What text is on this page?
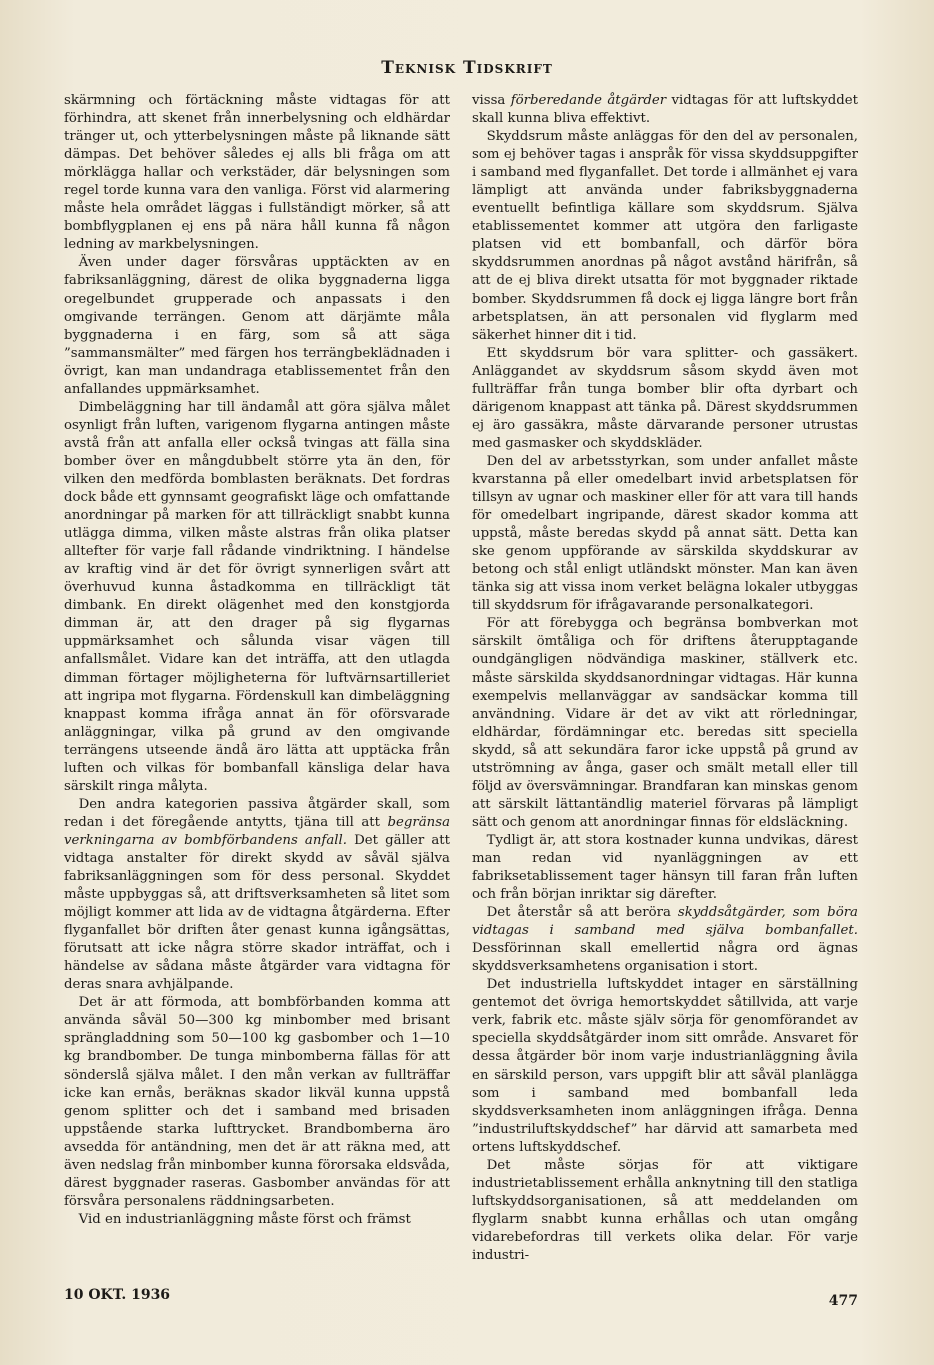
Teknisk Tidskrift

skärmning och förtäckning måste vidtagas för att förhindra, att skenet från innerbelysning och eldhärdar tränger ut, och ytterbelysningen måste på liknande sätt dämpas. Det behöver således ej alls bli fråga om att mörklägga hallar och verkstäder, där belysningen som regel torde kunna vara den vanliga. Först vid alarmering måste hela området läggas i fullständigt mörker, så att bombflygplanen ej ens på nära håll kunna få någon ledning av markbelysningen.

Även under dager försvåras upptäckten av en fabriksanläggning, därest de olika byggnaderna ligga oregelbundet grupperade och anpassats i den omgivande terrängen. Genom att därjämte måla byggnaderna i en färg, som så att säga ”sammansmälter” med färgen hos terrängbeklädnaden i övrigt, kan man undandraga etablissementet från den anfallandes uppmärksamhet.

Dimbeläggning har till ändamål att göra själva målet osynligt från luften, varigenom flygarna antingen måste avstå från att anfalla eller också tvingas att fälla sina bomber över en mångdubbelt större yta än den, för vilken den medförda bomblasten beräknats. Det fordras dock både ett gynnsamt geografiskt läge och omfattande anordningar på marken för att tillräckligt snabbt kunna utlägga dimma, vilken måste alstras från olika platser alltefter för varje fall rådande vindriktning. I händelse av kraftig vind är det för övrigt synnerligen svårt att överhuvud kunna åstadkomma en tillräckligt tät dimbank. En direkt olägenhet med den konstgjorda dimman är, att den drager på sig flygarnas uppmärksamhet och sålunda visar vägen till anfallsmålet. Vidare kan det inträffa, att den utlagda dimman förtager möjligheterna för luftvärnsartilleriet att ingripa mot flygarna. Fördenskull kan dimbeläggning knappast komma ifråga annat än för oförsvarade anläggningar, vilka på grund av den omgivande terrängens utseende ändå äro lätta att upptäcka från luften och vilkas för bombanfall känsliga delar hava särskilt ringa målyta.

Den andra kategorien passiva åtgärder skall, som redan i det föregående antytts, tjäna till att begränsa verkningarna av bombförbandens anfall. Det gäller att vidtaga anstalter för direkt skydd av såväl själva fabriksanläggningen som för dess personal. Skyddet måste uppbyggas så, att driftsverksamheten så litet som möjligt kommer att lida av de vidtagna åtgärderna. Efter flyganfallet bör driften åter genast kunna igångsättas, förutsatt att icke några större skador inträffat, och i händelse av sådana måste åtgärder vara vidtagna för deras snara avhjälpande.

Det är att förmoda, att bombförbanden komma att använda såväl 50—300 kg minbomber med brisant sprängladdning som 50—100 kg gasbomber och 1—10 kg brandbomber. De tunga minbomberna fällas för att sönderslå själva målet. I den mån verkan av fullträffar icke kan ernås, beräknas skador likväl kunna uppstå genom splitter och det i samband med brisaden uppstående starka lufttrycket. Brandbomberna äro avsedda för antändning, men det är att räkna med, att även nedslag från minbomber kunna förorsaka eldsvåda, därest byggnader raseras. Gasbomber användas för att försvåra personalens räddningsarbeten.

Vid en industrianläggning måste först och främst

vissa förberedande åtgärder vidtagas för att luftskyddet skall kunna bliva effektivt.

Skyddsrum måste anläggas för den del av personalen, som ej behöver tagas i anspråk för vissa skyddsuppgifter i samband med flyganfallet. Det torde i allmänhet ej vara lämpligt att använda under fabriksbyggnaderna eventuellt befintliga källare som skyddsrum. Själva etablissementet kommer att utgöra den farligaste platsen vid ett bombanfall, och därför böra skyddsrummen anordnas på något avstånd härifrån, så att de ej bliva direkt utsatta för mot byggnader riktade bomber. Skyddsrummen få dock ej ligga längre bort från arbetsplatsen, än att personalen vid flyglarm med säkerhet hinner dit i tid.

Ett skyddsrum bör vara splitter- och gassäkert. Anläggandet av skyddsrum såsom skydd även mot fullträffar från tunga bomber blir ofta dyrbart och därigenom knappast att tänka på. Därest skyddsrummen ej äro gassäkra, måste därvarande personer utrustas med gasmasker och skyddskläder.

Den del av arbetsstyrkan, som under anfallet måste kvarstanna på eller omedelbart invid arbetsplatsen för tillsyn av ugnar och maskiner eller för att vara till hands för omedelbart ingripande, därest skador komma att uppstå, måste beredas skydd på annat sätt. Detta kan ske genom uppförande av särskilda skyddskurar av betong och stål enligt utländskt mönster. Man kan även tänka sig att vissa inom verket belägna lokaler utbyggas till skyddsrum för ifrågavarande personalkategori.

För att förebygga och begränsa bombverkan mot särskilt ömtåliga och för driftens återupptagande oundgängligen nödvändiga maskiner, ställverk etc. måste särskilda skyddsanordningar vidtagas. Här kunna exempelvis mellanväggar av sandsäckar komma till användning. Vidare är det av vikt att rörledningar, eldhärdar, fördämningar etc. beredas sitt speciella skydd, så att sekundära faror icke uppstå på grund av utströmning av ånga, gaser och smält metall eller till följd av översvämningar. Brandfaran kan minskas genom att särskilt lättantändlig materiel förvaras på lämpligt sätt och genom att anordningar finnas för eldsläckning.

Tydligt är, att stora kostnader kunna undvikas, därest man redan vid nyanläggningen av ett fabriksetablissement tager hänsyn till faran från luften och från början inriktar sig därefter.

Det återstår så att beröra skyddsåtgärder, som böra vidtagas i samband med själva bombanfallet. Dessförinnan skall emellertid några ord ägnas skyddsverksamhetens organisation i stort.

Det industriella luftskyddet intager en särställning gentemot det övriga hemortskyddet såtillvida, att varje verk, fabrik etc. måste själv sörja för genomförandet av speciella skyddsåtgärder inom sitt område. Ansvaret för dessa åtgärder bör inom varje industrianläggning åvila en särskild person, vars uppgift blir att såväl planlägga som i samband med bombanfall leda skyddsverksamheten inom anläggningen ifråga. Denna ”industriluftskyddschef” har därvid att samarbeta med ortens luftskyddschef.

Det måste sörjas för att viktigare industrietablissement erhålla anknytning till den statliga luftskyddsorganisationen, så att meddelanden om flyglarm snabbt kunna erhållas och utan omgång vidarebefordras till verkets olika delar. För varje industri-

10 OKT. 1936	477
